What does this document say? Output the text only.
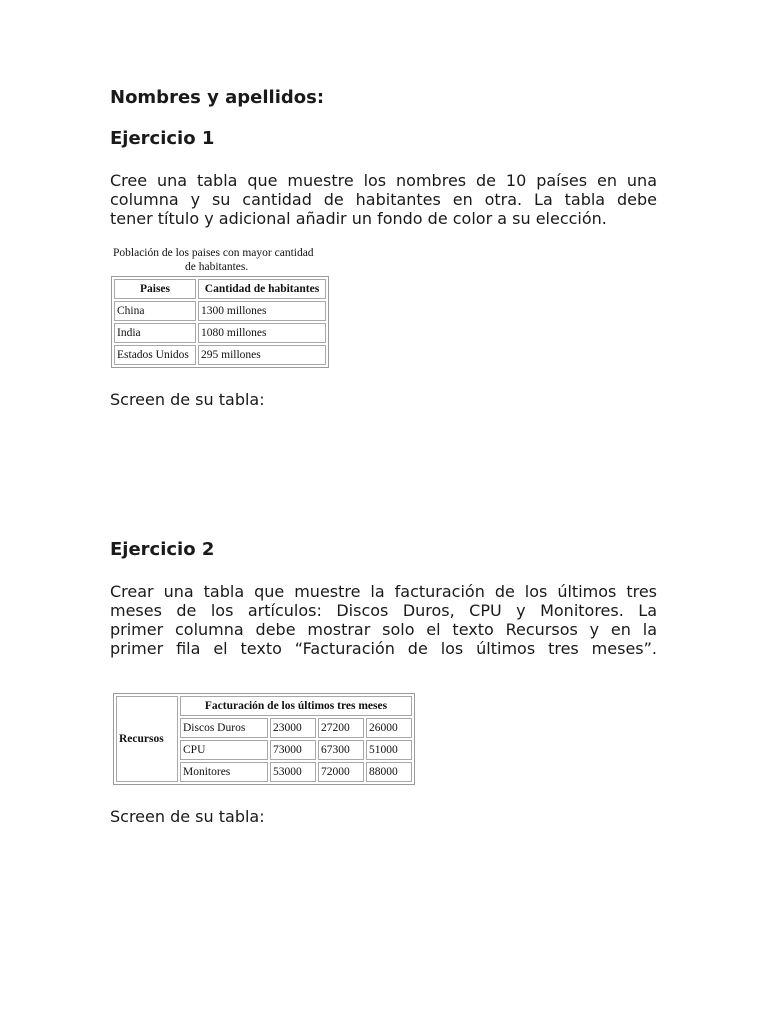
Nombres y apellidos:
Ejercicio 1
Cree una tabla que muestre los nombres de 10 países en una
columna y su cantidad de habitantes en otra. La tabla debe
tener título y adicional añadir un fondo de color a su elección.
Población de los paises con mayor cantidad
de habitantes.
Paises	Cantidad de habitantes
China	1300 millones
India	1080 millones
Estados Unidos	295 millones
Screen de su tabla:
Ejercicio 2
Crear una tabla que muestre la facturación de los últimos tres
meses de los artículos: Discos Duros, CPU y Monitores. La
primer columna debe mostrar solo el texto Recursos y en la
primer fila el texto “Facturación de los últimos tres meses”.
Recursos	Facturación de los últimos tres meses			
	Discos Duros	23000	27200	26000
	CPU	73000	67300	51000
	Monitores	53000	72000	88000
Screen de su tabla:
